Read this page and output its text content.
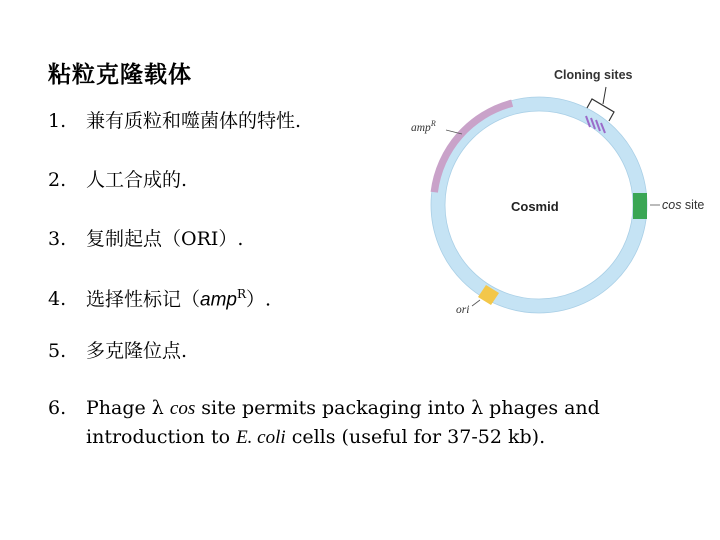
粘粒克隆载体
1. 兼有质粒和噬菌体的特性.
2. 人工合成的.
3. 复制起点（ORI）.
4. 选择性标记（amp$^R$）.
5. 多克隆位点.
6. Phage λ cos site permits packaging into λ phages and
introduction to E. coli cells (useful for 37-52 kb).
Cloning sites
Cosmid
amp$^R$
cos site
ori
